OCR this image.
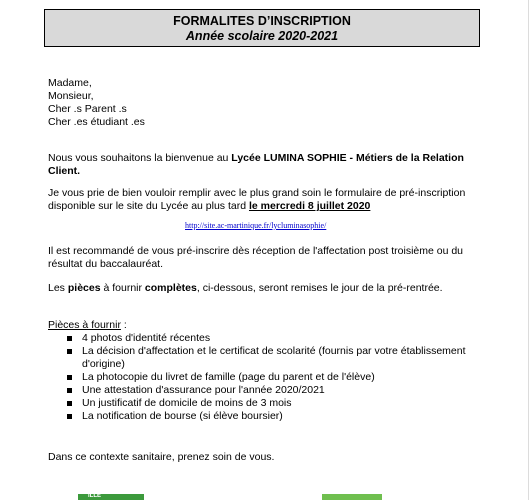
FORMALITES D’INSCRIPTION
Année scolaire 2020-2021
Madame,
Monsieur,
Cher .s Parent .s
Cher .es étudiant .es
Nous vous souhaitons la bienvenue au Lycée LUMINA SOPHIE - Métiers de la Relation
Client.
Je vous prie de bien vouloir remplir avec le plus grand soin le formulaire de pré-inscription
disponible sur le site du Lycée au plus tard le mercredi 8 juillet 2020
http://site.ac-martinique.fr/lycluminasophie/
Il est recommandé de vous pré-inscrire dès réception de l'affectation post troisième ou du
résultat du baccalauréat.
Les pièces à fournir complètes, ci-dessous, seront remises le jour de la pré-rentrée.
Pièces à fournir :
4 photos d'identité récentes
La décision d'affectation et le certificat de scolarité (fournis par votre établissement d'origine)
La photocopie du livret de famille (page du parent et de l'élève)
Une attestation d'assurance pour l'année 2020/2021
Un justificatif de domicile de moins de 3 mois
La notification de bourse (si élève boursier)
Dans ce contexte sanitaire, prenez soin de vous.
ILLE
